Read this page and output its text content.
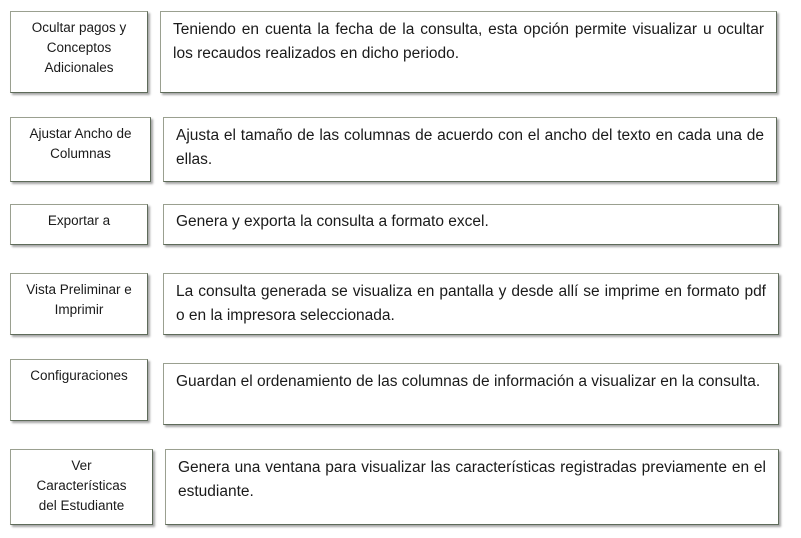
Ocultar pagos y Conceptos Adicionales
Teniendo en cuenta la fecha de la consulta, esta opción permite visualizar u ocultar los recaudos realizados en dicho periodo.
Ajustar Ancho de Columnas
Ajusta el tamaño de las columnas de acuerdo con el ancho del texto en cada una de ellas.
Exportar a	Genera y exporta la consulta a formato excel.
Vista Preliminar e Imprimir
La consulta generada se visualiza en pantalla y desde allí se imprime en formato pdf o en la impresora seleccionada.
Configuraciones	Guardan el ordenamiento de las columnas de información a visualizar en la consulta.
Ver Características del Estudiante
Genera una ventana para visualizar las características registradas previamente en el estudiante.
